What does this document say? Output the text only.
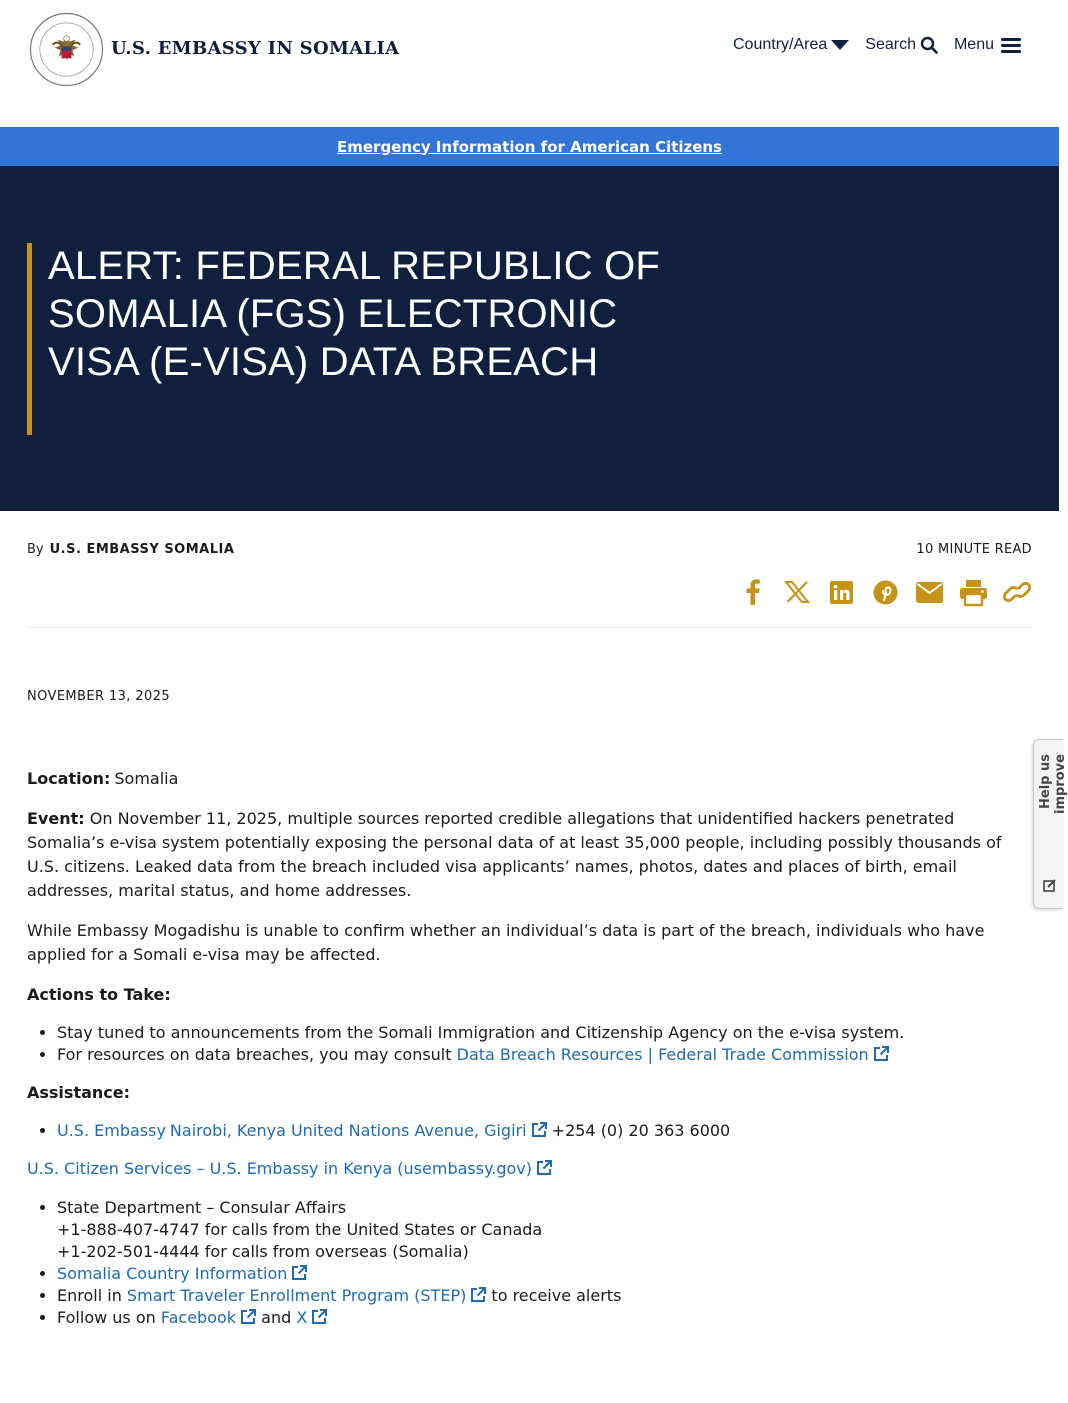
U.S. EMBASSY IN SOMALIA	Country/Area Search Menu
Emergency Information for American Citizens
ALERT: FEDERAL REPUBLIC OF SOMALIA (FGS) ELECTRONIC VISA (E-VISA) DATA BREACH
By U.S. EMBASSY SOMALIA	10 MINUTE READ
NOVEMBER 13, 2025

Location: Somalia

Event: On November 11, 2025, multiple sources reported credible allegations that unidentified hackers penetrated Somalia’s e-visa system potentially exposing the personal data of at least 35,000 people, including possibly thousands of U.S. citizens. Leaked data from the breach included visa applicants’ names, photos, dates and places of birth, email addresses, marital status, and home addresses.

While Embassy Mogadishu is unable to confirm whether an individual’s data is part of the breach, individuals who have applied for a Somali e-visa may be affected.

Actions to Take:

• Stay tuned to announcements from the Somali Immigration and Citizenship Agency on the e-visa system.
• For resources on data breaches, you may consult Data Breach Resources | Federal Trade Commission

Assistance:

• U.S. Embassy Nairobi, Kenya United Nations Avenue, Gigiri +254 (0) 20 363 6000

U.S. Citizen Services – U.S. Embassy in Kenya (usembassy.gov)

• State Department – Consular Affairs
+1-888-407-4747 for calls from the United States or Canada
+1-202-501-4444 for calls from overseas (Somalia)
• Somalia Country Information
• Enroll in Smart Traveler Enrollment Program (STEP) to receive alerts
• Follow us on Facebook and X
Help us improve
